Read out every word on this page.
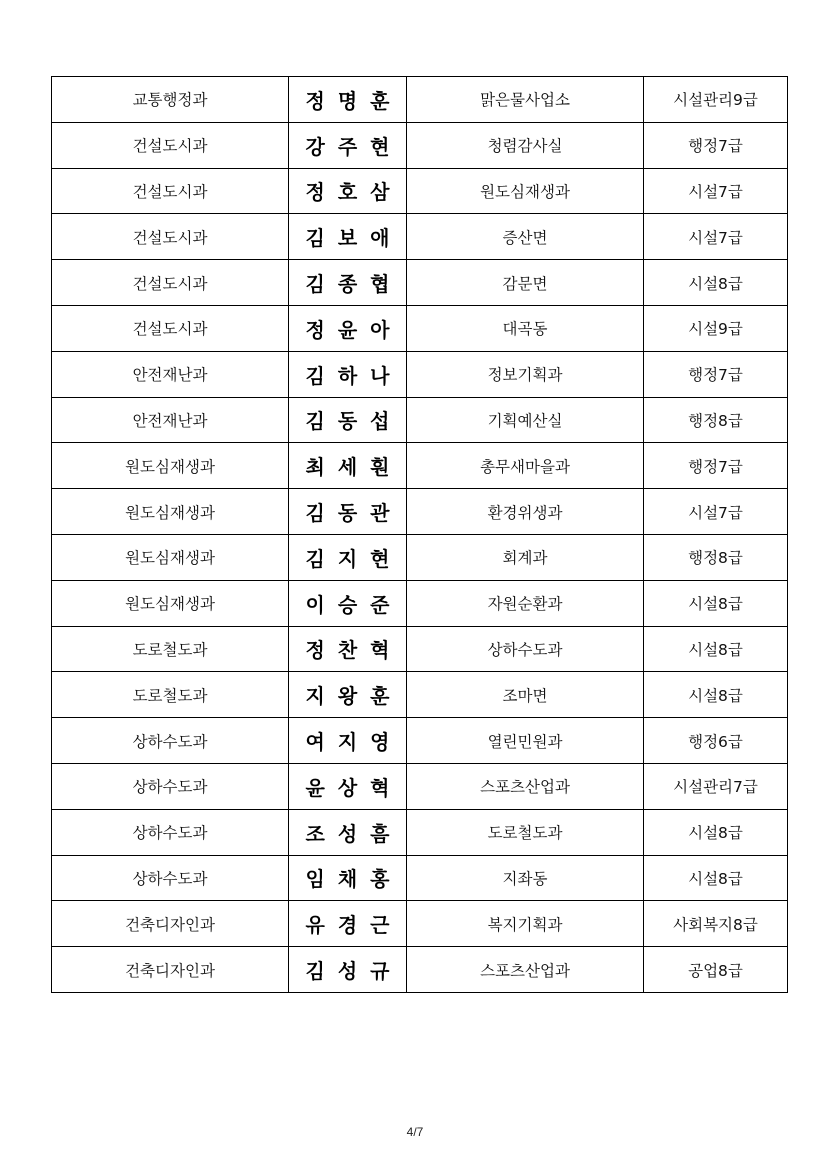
교통행정과	정명훈	맑은물사업소	시설관리9급
건설도시과	강주현	청렴감사실	행정7급
건설도시과	정호삼	원도심재생과	시설7급
건설도시과	김보애	증산면	시설7급
건설도시과	김종협	감문면	시설8급
건설도시과	정윤아	대곡동	시설9급
안전재난과	김하나	정보기획과	행정7급
안전재난과	김동섭	기획예산실	행정8급
원도심재생과	최세훤	총무새마을과	행정7급
원도심재생과	김동관	환경위생과	시설7급
원도심재생과	김지현	회계과	행정8급
원도심재생과	이승준	자원순환과	시설8급
도로철도과	정찬혁	상하수도과	시설8급
도로철도과	지왕훈	조마면	시설8급
상하수도과	여지영	열린민원과	행정6급
상하수도과	윤상혁	스포츠산업과	시설관리7급
상하수도과	조성흠	도로철도과	시설8급
상하수도과	임채홍	지좌동	시설8급
건축디자인과	유경근	복지기획과	사회복지8급
건축디자인과	김성규	스포츠산업과	공업8급
4/7
